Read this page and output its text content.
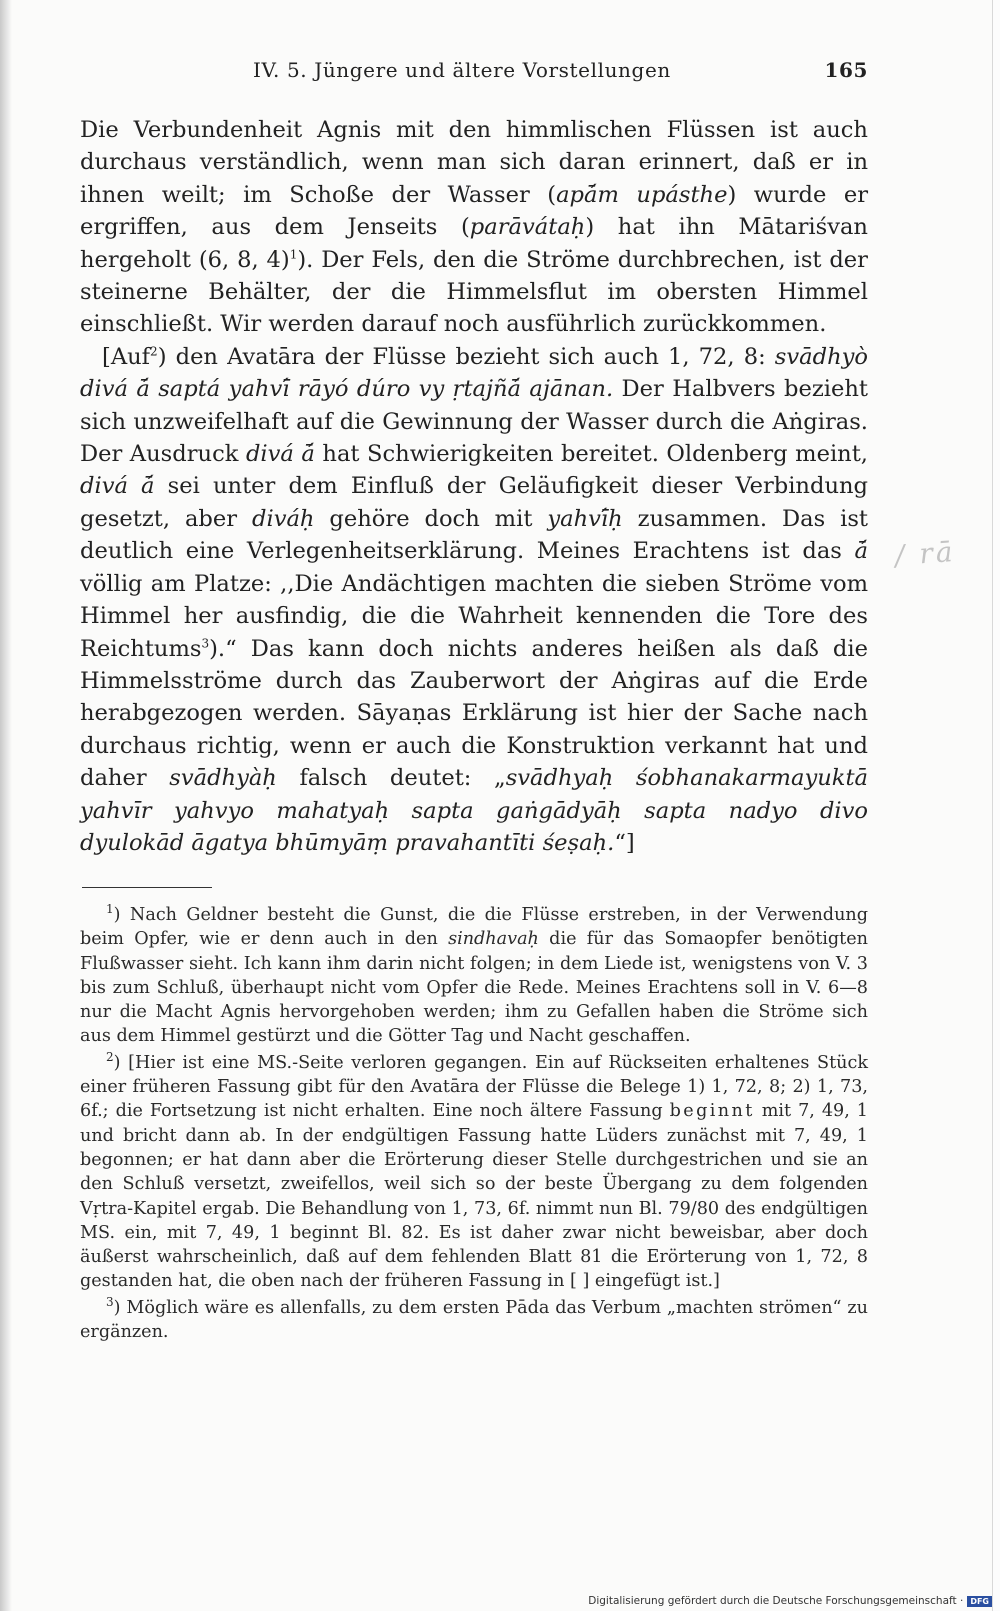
IV. 5. Jüngere und ältere Vorstellungen	165

Die Verbundenheit Agnis mit den himmlischen Flüssen ist auch durchaus verständlich, wenn man sich daran erinnert, daß er in ihnen weilt; im Schoße der Wasser (apā́m upásthe) wurde er ergriffen, aus dem Jenseits (parāvátaḥ) hat ihn Mātariśvan hergeholt (6, 8, 4)$^1$). Der Fels, den die Ströme durchbrechen, ist der steinerne Behälter, der die Himmelsflut im obersten Himmel einschließt. Wir werden darauf noch ausführlich zurückkommen.

[Auf$^2$) den Avatāra der Flüsse bezieht sich auch 1, 72, 8: svādhyò divá ā́ saptá yahvī́ rāyó dúro vy ṛtajñā́ ajānan. Der Halbvers bezieht sich unzweifelhaft auf die Gewinnung der Wasser durch die Aṅgiras. Der Ausdruck divá ā́ hat Schwierigkeiten bereitet. Oldenberg meint, divá ā́ sei unter dem Einfluß der Geläufigkeit dieser Verbindung gesetzt, aber diváḥ gehöre doch mit yahvī́ḥ zusammen. Das ist deutlich eine Verlegenheitserklärung. Meines Erachtens ist das ā́ völlig am Platze: ,,Die Andächtigen machten die sieben Ströme vom Himmel her ausfindig, die die Wahrheit kennenden die Tore des Reichtums$^3$).“ Das kann doch nichts anderes heißen als daß die Himmelsströme durch das Zauberwort der Aṅgiras auf die Erde herabgezogen werden. Sāyaṇas Erklärung ist hier der Sache nach durchaus richtig, wenn er auch die Konstruktion verkannt hat und daher svādhyàḥ falsch deutet: „svādhyaḥ śobhanakarmayuktā yahvīr yahvyo mahatyaḥ sapta gaṅgādyāḥ sapta nadyo divo dyulokād āgatya bhūmyāṃ pravahantīti śeṣaḥ.“]

$^1$) Nach Geldner besteht die Gunst, die die Flüsse erstreben, in der Verwendung beim Opfer, wie er denn auch in den sindhavaḥ die für das Somaopfer benötigten Flußwasser sieht. Ich kann ihm darin nicht folgen; in dem Liede ist, wenigstens von V. 3 bis zum Schluß, überhaupt nicht vom Opfer die Rede. Meines Erachtens soll in V. 6—8 nur die Macht Agnis hervorgehoben werden; ihm zu Gefallen haben die Ströme sich aus dem Himmel gestürzt und die Götter Tag und Nacht geschaffen.

$^2$) [Hier ist eine MS.-Seite verloren gegangen. Ein auf Rückseiten erhaltenes Stück einer früheren Fassung gibt für den Avatāra der Flüsse die Belege 1) 1, 72, 8; 2) 1, 73, 6f.; die Fortsetzung ist nicht erhalten. Eine noch ältere Fassung beginnt mit 7, 49, 1 und bricht dann ab. In der endgültigen Fassung hatte Lüders zunächst mit 7, 49, 1 begonnen; er hat dann aber die Erörterung dieser Stelle durchgestrichen und sie an den Schluß versetzt, zweifellos, weil sich so der beste Übergang zu dem folgenden Vṛtra-Kapitel ergab. Die Behandlung von 1, 73, 6f. nimmt nun Bl. 79/80 des endgültigen MS. ein, mit 7, 49, 1 beginnt Bl. 82. Es ist daher zwar nicht beweisbar, aber doch äußerst wahrscheinlich, daß auf dem fehlenden Blatt 81 die Erörterung von 1, 72, 8 gestanden hat, die oben nach der früheren Fassung in [ ] eingefügt ist.]

$^3$) Möglich wäre es allenfalls, zu dem ersten Pāda das Verbum „machten strömen“ zu ergänzen.

/ rā
Digitalisierung gefördert durch die Deutsche Forschungsgemeinschaft · DFG
